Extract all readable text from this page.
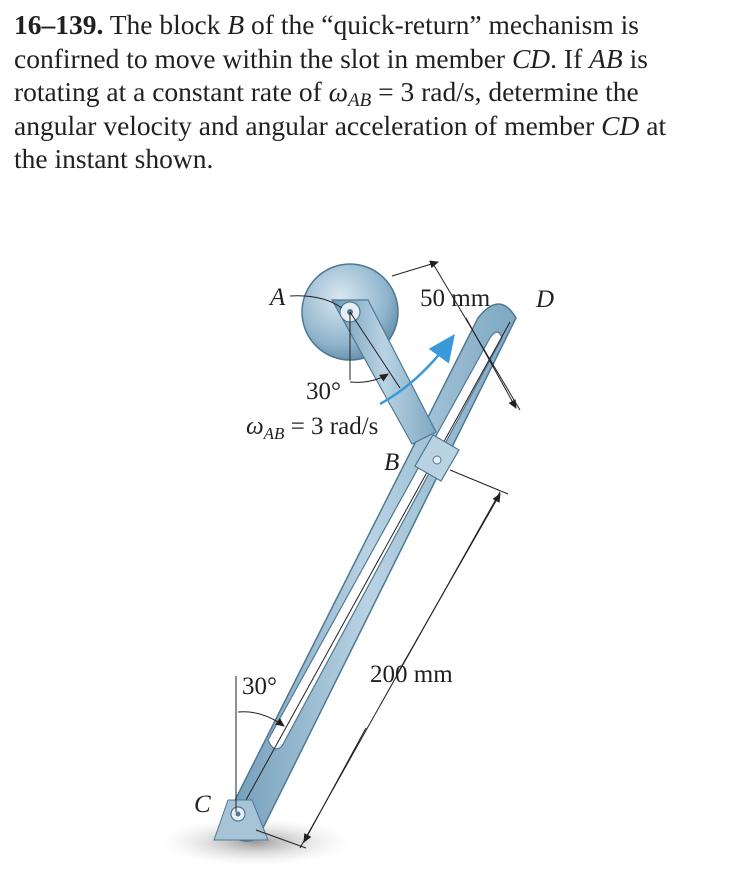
16–139. The block B of the “quick-return” mechanism is
confirned to move within the slot in member CD. If AB is
rotating at a constant rate of $\omega_{AB} = 3$ rad/s, determine the
angular velocity and angular acceleration of member CD at
the instant shown.
A	D
50 mm
30°
$\omega_{AB} = 3$ rad/s
B
200 mm
30°
C
